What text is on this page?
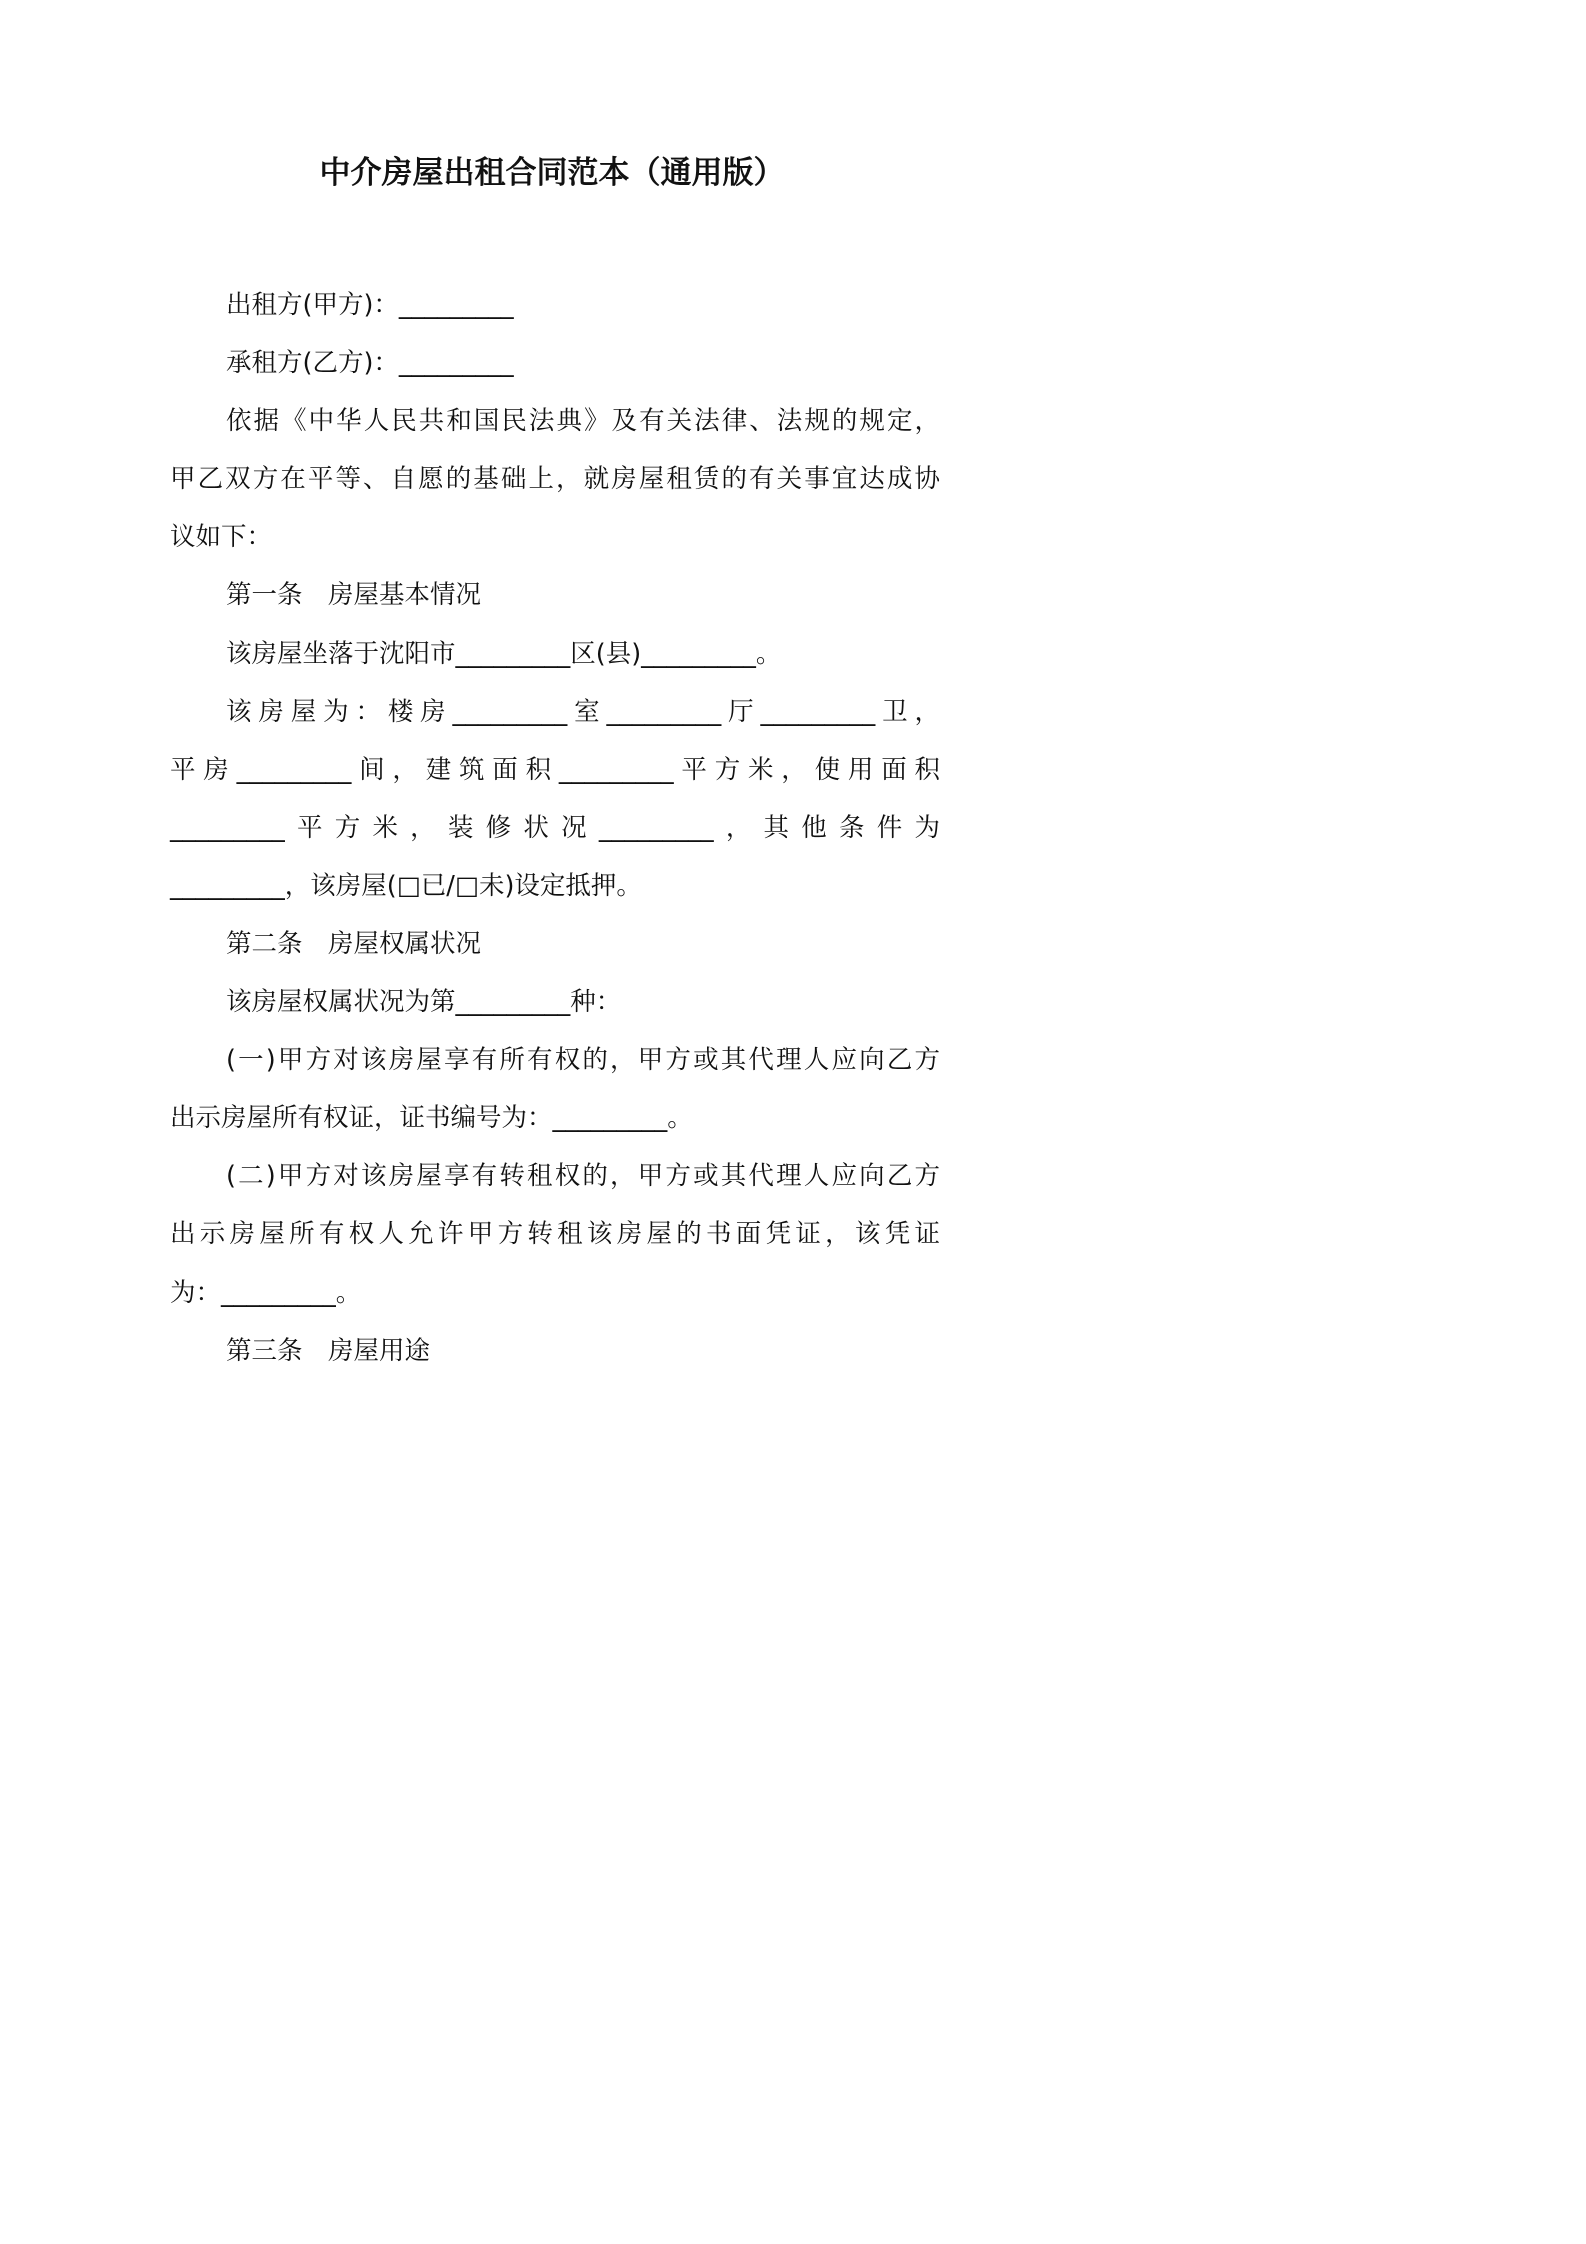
中介房屋出租合同范本（通用版）
出租方(甲方)：_________
承租方(乙方)：_________
依据《中华人民共和国民法典》及有关法律、法规的规定，
甲乙双方在平等、自愿的基础上，就房屋租赁的有关事宜达成协
议如下：
第一条　房屋基本情况
该房屋坐落于沈阳市_________区(县)_________。
该房屋为：楼房_________室_________厅_________卫，
平房_________间，建筑面积_________平方米，使用面积
_________平方米，装修状况_________，其他条件为
_________，该房屋(□已/□未)设定抵押。
第二条　房屋权属状况
该房屋权属状况为第_________种：
(一)甲方对该房屋享有所有权的，甲方或其代理人应向乙方
出示房屋所有权证，证书编号为：_________。
(二)甲方对该房屋享有转租权的，甲方或其代理人应向乙方
出示房屋所有权人允许甲方转租该房屋的书面凭证，该凭证
为：_________。
第三条　房屋用途
